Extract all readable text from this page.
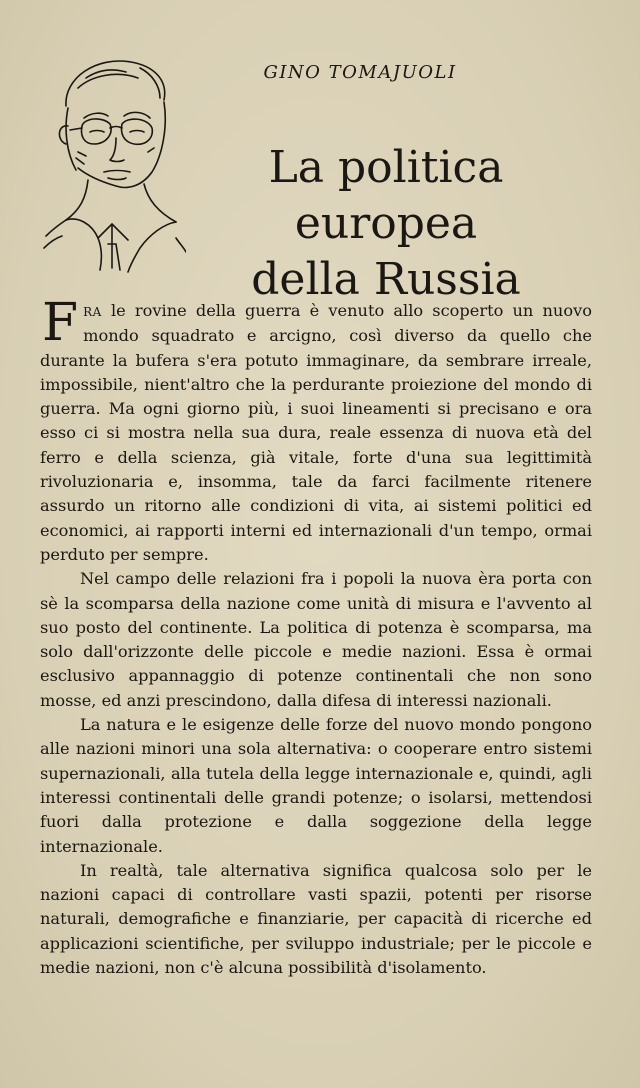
GINO TOMAJUOLI
La politica europea
della Russia

FRA le rovine della guerra è venuto allo scoperto un nuovo mondo squadrato e arcigno, così diverso da quello che durante la bufera s'era potuto immaginare, da sembrare irreale, impossibile, nient'altro che la perdurante proiezione del mondo di guerra. Ma ogni giorno più, i suoi lineamenti si precisano e ora esso ci si mostra nella sua dura, reale essenza di nuova età del ferro e della scienza, già vitale, forte d'una sua legittimità rivoluzionaria e, insomma, tale da farci facilmente ritenere assurdo un ritorno alle condizioni di vita, ai sistemi politici ed economici, ai rapporti interni ed internazionali d'un tempo, ormai perduto per sempre.

Nel campo delle relazioni fra i popoli la nuova èra porta con sè la scomparsa della nazione come unità di misura e l'avvento al suo posto del continente. La politica di potenza è scomparsa, ma solo dall'orizzonte delle piccole e medie nazioni. Essa è ormai esclusivo appannaggio di potenze continentali che non sono mosse, ed anzi prescindono, dalla difesa di interessi nazionali.

La natura e le esigenze delle forze del nuovo mondo pongono alle nazioni minori una sola alternativa: o cooperare entro sistemi supernazionali, alla tutela della legge internazionale e, quindi, agli interessi continentali delle grandi potenze; o isolarsi, mettendosi fuori dalla protezione e dalla soggezione della legge internazionale.

In realtà, tale alternativa significa qualcosa solo per le nazioni capaci di controllare vasti spazii, potenti per risorse naturali, demografiche e finanziarie, per capacità di ricerche ed applicazioni scientifiche, per sviluppo industriale; per le piccole e medie nazioni, non c'è alcuna possibilità d'isolamento.
